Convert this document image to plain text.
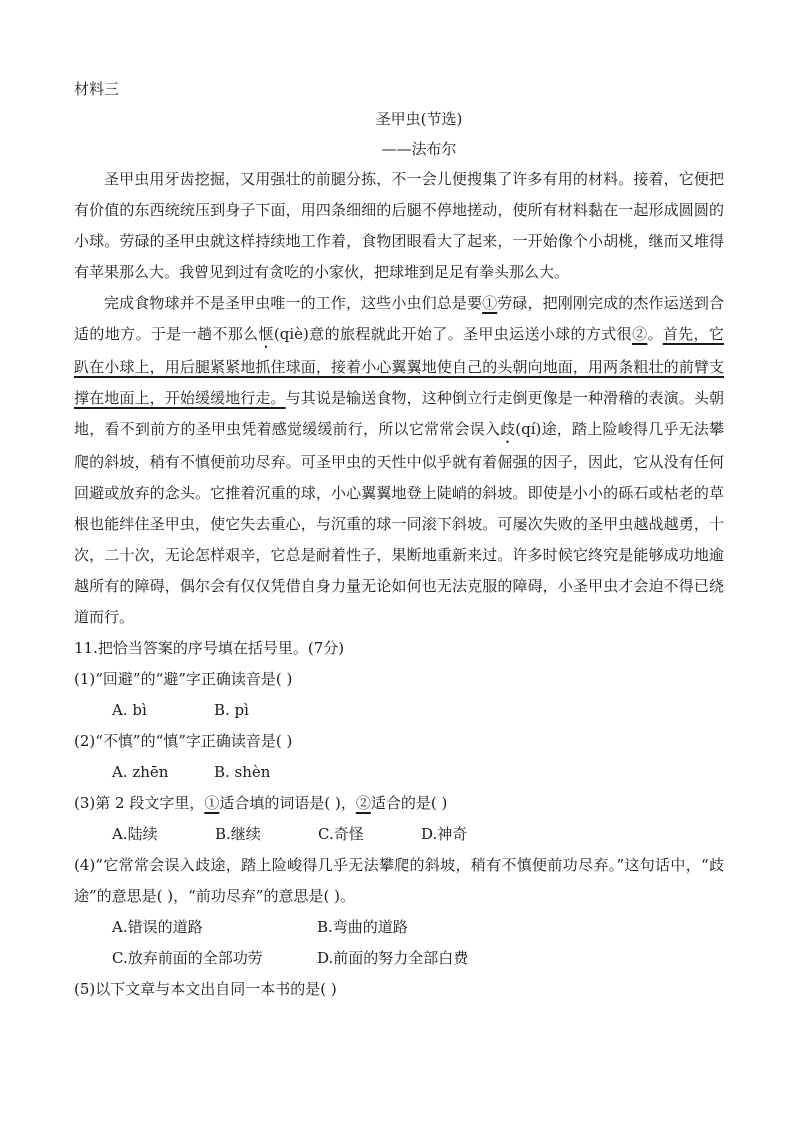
材料三
圣甲虫(节选)
——法布尔

圣甲虫用牙齿挖掘，又用强壮的前腿分拣，不一会儿便搜集了许多有用的材料。接着，它便把有价值的东西统统压到身子下面，用四条细细的后腿不停地搓动，使所有材料黏在一起形成圆圆的小球。劳碌的圣甲虫就这样持续地工作着，食物团眼看大了起来，一开始像个小胡桃，继而又堆得有苹果那么大。我曾见到过有贪吃的小家伙，把球堆到足足有拳头那么大。

完成食物球并不是圣甲虫唯一的工作，这些小虫们总是要①劳碌，把刚刚完成的杰作运送到合适的地方。于是一趟不那么惬(qiè)意的旅程就此开始了。圣甲虫运送小球的方式很②。首先，它趴在小球上，用后腿紧紧地抓住球面，接着小心翼翼地使自己的头朝向地面，用两条粗壮的前臂支撑在地面上，开始缓缓地行走。与其说是输送食物，这种倒立行走倒更像是一种滑稽的表演。头朝地，看不到前方的圣甲虫凭着感觉缓缓前行，所以它常常会误入歧(qí)途，踏上险峻得几乎无法攀爬的斜坡，稍有不慎便前功尽弃。可圣甲虫的天性中似乎就有着倔强的因子，因此，它从没有任何回避或放弃的念头。它推着沉重的球，小心翼翼地登上陡峭的斜坡。即使是小小的砾石或枯老的草根也能绊住圣甲虫，使它失去重心，与沉重的球一同滚下斜坡。可屡次失败的圣甲虫越战越勇，十次，二十次，无论怎样艰辛，它总是耐着性子，果断地重新来过。许多时候它终究是能够成功地逾越所有的障碍，偶尔会有仅仅凭借自身力量无论如何也无法克服的障碍，小圣甲虫才会迫不得已绕道而行。

11.把恰当答案的序号填在括号里。(7分)

(1)“回避”的“避”字正确读音是( )

A. bì	B. pì

(2)“不慎”的“慎”字正确读音是( )

A. zhēn	B. shèn

(3)第 2 段文字里，①适合填的词语是( )，②适合的是( )

A.陆续	B.继续	C.奇怪	D.神奇

(4)“它常常会误入歧途，踏上险峻得几乎无法攀爬的斜坡，稍有不慎便前功尽弃。”这句话中，“歧途”的意思是( )，“前功尽弃”的意思是( )。

A.错误的道路	B.弯曲的道路
C.放弃前面的全部功劳	D.前面的努力全部白费

(5)以下文章与本文出自同一本书的是( )
